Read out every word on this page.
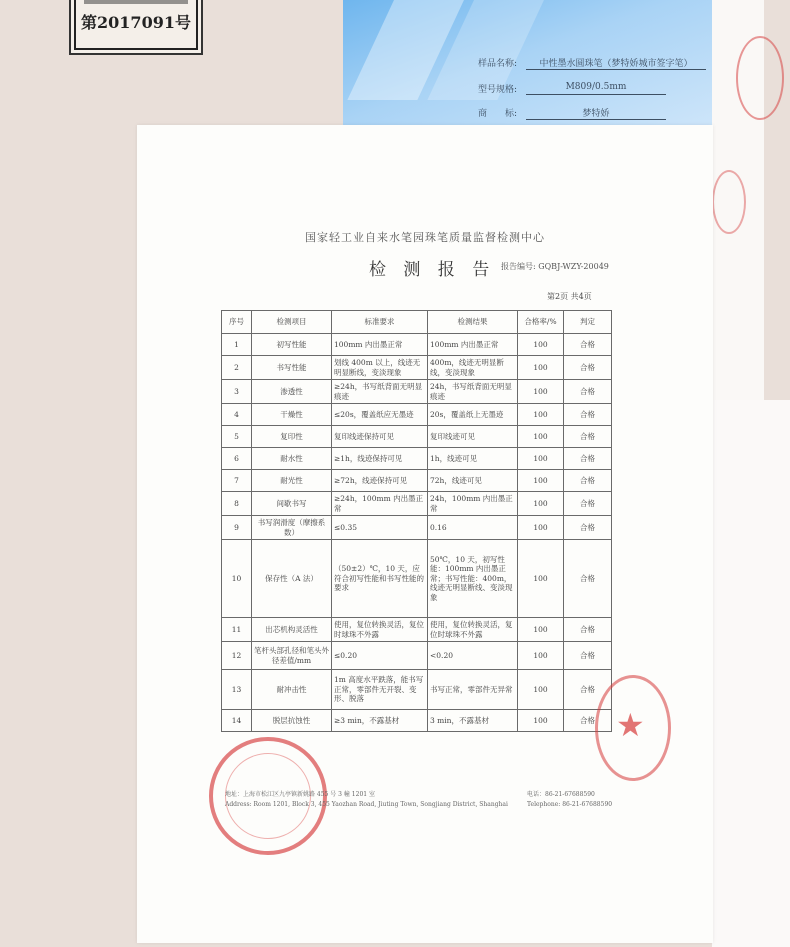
第2017091号
样品名称:	中性墨水圆珠笔（梦特娇城市签字笔）
型号规格:	M809/0.5mm
商　　标:	梦特娇
国家轻工业自来水笔园珠笔质量监督检测中心
检 测 报 告 报告编号: GQBJ-WZY-20049
第2页 共4页
序号	检测项目	标准要求	检测结果	合格率/%	判定
1	初写性能	100mm 内出墨正常	100mm 内出墨正常	100	合格
2	书写性能	划线 400m 以上，线迹无明显断线，变淡现象	400m，线迹无明显断线，变淡现象	100	合格
3	渗透性	≥24h，书写纸背面无明显痕迹	24h，书写纸背面无明显痕迹	100	合格
4	干燥性	≤20s，覆盖纸应无墨迹	20s，覆盖纸上无墨迹	100	合格
5	复印性	复印线迹保持可见	复印线迹可见	100	合格
6	耐水性	≥1h，线迹保持可见	1h，线迹可见	100	合格
7	耐光性	≥72h，线迹保持可见	72h，线迹可见	100	合格
8	间歇书写	≥24h，100mm 内出墨正常	24h，100mm 内出墨正常	100	合格
9	书写润滑度（摩擦系数）	≤0.35	0.16	100	合格
10	保存性（A 法）	（50±2）℃，10 天，应符合初写性能和书写性能的要求	50℃，10 天，初写性能：100mm 内出墨正常；书写性能：400m，线迹无明显断线、变淡现象	100	合格
11	出芯机构灵活性	使用，复位转换灵活，复位时球珠不外露	使用，复位转换灵活，复位时球珠不外露	100	合格
12	笔杆头部孔径和笔头外径差值/mm	≤0.20	<0.20	100	合格
13	耐冲击性	1m 高度水平跌落，能书写正常，零部件无开裂、变形、脱落	书写正常，零部件无异常	100	合格
14	脱层抗蚀性	≥3 min，不露基材	3 min，不露基材	100	合格 ★
地址：上海市松江区九亭镇新姚路 455 号 3 幢 1201 室
Address: Room 1201, Block 3, 455 Yaozhan Road, Jiuting Town, Songjiang District, Shanghai
电话：86-21-67688590
Telephone: 86-21-67688590
